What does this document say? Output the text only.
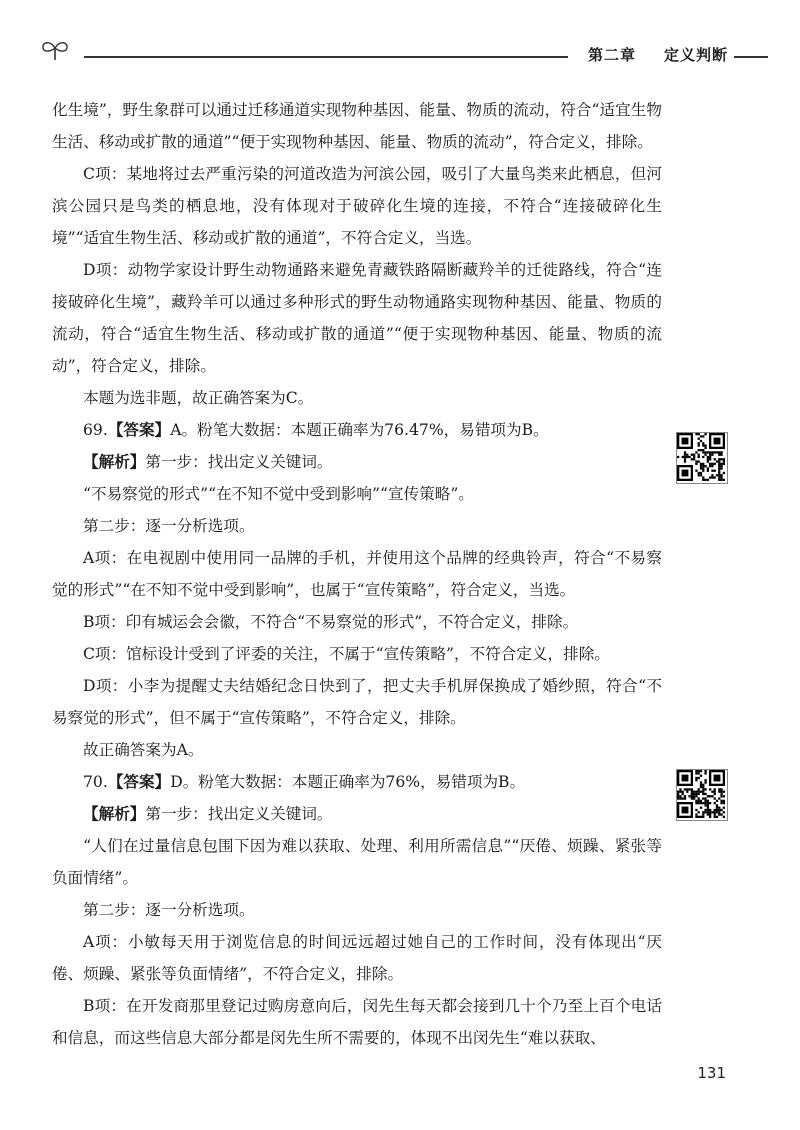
第二章 定义判断

化生境”，野生象群可以通过迁移通道实现物种基因、能量、物质的流动，符合“适宜生物生活、移动或扩散的通道”“便于实现物种基因、能量、物质的流动”，符合定义，排除。

C项：某地将过去严重污染的河道改造为河滨公园，吸引了大量鸟类来此栖息，但河滨公园只是鸟类的栖息地，没有体现对于破碎化生境的连接，不符合“连接破碎化生境”“适宜生物生活、移动或扩散的通道”，不符合定义，当选。

D项：动物学家设计野生动物通路来避免青藏铁路隔断藏羚羊的迁徙路线，符合“连接破碎化生境”，藏羚羊可以通过多种形式的野生动物通路实现物种基因、能量、物质的流动，符合“适宜生物生活、移动或扩散的通道”“便于实现物种基因、能量、物质的流动”，符合定义，排除。

本题为选非题，故正确答案为C。

69.【答案】A。粉笔大数据：本题正确率为76.47%，易错项为B。

【解析】第一步：找出定义关键词。

“不易察觉的形式”“在不知不觉中受到影响”“宣传策略”。

第二步：逐一分析选项。

A项：在电视剧中使用同一品牌的手机，并使用这个品牌的经典铃声，符合“不易察觉的形式”“在不知不觉中受到影响”，也属于“宣传策略”，符合定义，当选。

B项：印有城运会会徽，不符合“不易察觉的形式”，不符合定义，排除。

C项：馆标设计受到了评委的关注，不属于“宣传策略”，不符合定义，排除。

D项：小李为提醒丈夫结婚纪念日快到了，把丈夫手机屏保换成了婚纱照，符合“不易察觉的形式”，但不属于“宣传策略”，不符合定义，排除。

故正确答案为A。

70.【答案】D。粉笔大数据：本题正确率为76%，易错项为B。

【解析】第一步：找出定义关键词。

“人们在过量信息包围下因为难以获取、处理、利用所需信息”“厌倦、烦躁、紧张等负面情绪”。

第二步：逐一分析选项。

A项：小敏每天用于浏览信息的时间远远超过她自己的工作时间，没有体现出“厌倦、烦躁、紧张等负面情绪”，不符合定义，排除。

B项：在开发商那里登记过购房意向后，闵先生每天都会接到几十个乃至上百个电话和信息，而这些信息大部分都是闵先生所不需要的，体现不出闵先生“难以获取、

131
